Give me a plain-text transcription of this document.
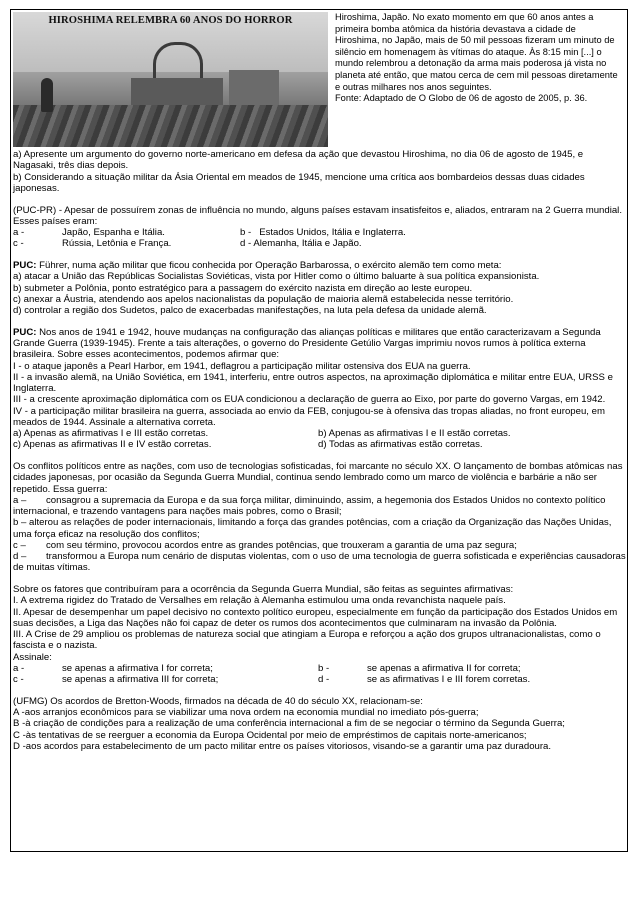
HIROSHIMA RELEMBRA 60 ANOS DO HORROR	Hiroshima, Japão. No exato momento em que 60 anos antes a primeira bomba atômica da história devastava a cidade de Hiroshima, no Japão, mais de 50 mil pessoas fizeram um minuto de silêncio em homenagem às vítimas do ataque. Às 8:15 min [...] o mundo relembrou a detonação da arma mais poderosa já vista no planeta até então, que matou cerca de cem mil pessoas diretamente e outras milhares nos anos seguintes.
Fonte: Adaptado de O Globo de 06 de agosto de 2005, p. 36.

a) Apresente um argumento do governo norte-americano em defesa da ação que devastou Hiroshima, no dia 06 de agosto de 1945, e Nagasaki, três dias depois.

b) Considerando a situação militar da Ásia Oriental em meados de 1945, mencione uma crítica aos bombardeios dessas duas cidades japonesas.

(PUC-PR) - Apesar de possuírem zonas de influência no mundo, alguns países estavam insatisfeitos e, aliados, entraram na 2 Guerra mundial. Esses países eram:

a -	Japão, Espanha e Itália.	b -   Estados Unidos, Itália e Inglaterra.
c -	Rússia, Letônia e França.	d - Alemanha, Itália e Japão.

PUC: Führer, numa ação militar que ficou conhecida por Operação Barbarossa, o exército alemão tem como meta:

a) atacar a União das Repúblicas Socialistas Soviéticas, vista por Hitler como o último baluarte à sua política expansionista.

b) submeter a Polônia, ponto estratégico para a passagem do exército nazista em direção ao leste europeu.

c) anexar a Áustria, atendendo aos apelos nacionalistas da população de maioria alemã estabelecida nesse território.

d) controlar a região dos Sudetos, palco de exacerbadas manifestações, na luta pela defesa da unidade alemã.

PUC: Nos anos de 1941 e 1942, houve mudanças na configuração das alianças políticas e militares que então caracterizavam a Segunda Grande Guerra (1939-1945). Frente a tais alterações, o governo do Presidente Getúlio Vargas imprimiu novos rumos à política externa brasileira. Sobre esses acontecimentos, podemos afirmar que:

I - o ataque japonês a Pearl Harbor, em 1941, deflagrou a participação militar ostensiva dos EUA na guerra.

II - a invasão alemã, na União Soviética, em 1941, interferiu, entre outros aspectos, na aproximação diplomática e militar entre EUA, URSS e Inglaterra.

III - a crescente aproximação diplomática com os EUA condicionou a declaração de guerra ao Eixo, por parte do governo Vargas, em 1942.

IV - a participação militar brasileira na guerra, associada ao envio da FEB, conjugou-se à ofensiva das tropas aliadas, no front europeu, em meados de 1944. Assinale a alternativa correta.

a) Apenas as afirmativas I e III estão corretas.	b) Apenas as afirmativas I e II estão corretas.
c) Apenas as afirmativas II e IV estão corretas.	d) Todas as afirmativas estão corretas.

Os conflitos políticos entre as nações, com uso de tecnologias sofisticadas, foi marcante no século XX. O lançamento de bombas atômicas nas cidades japonesas, por ocasião da Segunda Guerra Mundial, continua sendo lembrado como um marco de violência e barbárie a não ser repetido. Essa guerra:

a – consagrou a supremacia da Europa e da sua força militar, diminuindo, assim, a hegemonia dos Estados Unidos no contexto político internacional, e trazendo vantagens para nações mais pobres, como o Brasil;

b – alterou as relações de poder internacionais, limitando a força das grandes potências, com a criação da Organização das Nações Unidas, uma força eficaz na resolução dos conflitos;

c – com seu término, provocou acordos entre as grandes potências, que trouxeram a garantia de uma paz segura;

d – transformou a Europa num cenário de disputas violentas, com o uso de uma tecnologia de guerra sofisticada e experiências causadoras de muitas vítimas.

Sobre os fatores que contribuíram para a ocorrência da Segunda Guerra Mundial, são feitas as seguintes afirmativas:

I. A extrema rigidez do Tratado de Versalhes em relação à Alemanha estimulou uma onda revanchista naquele país.

II. Apesar de desempenhar um papel decisivo no contexto político europeu, especialmente em função da participação dos Estados Unidos em suas decisões, a Liga das Nações não foi capaz de deter os rumos dos acontecimentos que culminaram na invasão da Polônia.

III. A Crise de 29 ampliou os problemas de natureza social que atingiam a Europa e reforçou a ação dos grupos ultranacionalistas, como o fascista e o nazista.

Assinale:

a -	se apenas a afirmativa I for correta;	b -	se apenas a afirmativa II for correta;
c -	se apenas a afirmativa III for correta;	d -	se as afirmativas I e III forem corretas.

(UFMG) Os acordos de Bretton-Woods, firmados na década de 40 do século XX, relacionam-se:

A -aos arranjos econômicos para se viabilizar uma nova ordem na economia mundial no imediato pós-guerra;

B -à criação de condições para a realização de uma conferência internacional a fim de se negociar o término da Segunda Guerra;

C -às tentativas de se reerguer a economia da Europa Ocidental por meio de empréstimos de capitais norte-americanos;

D -aos acordos para estabelecimento de um pacto militar entre os países vitoriosos, visando-se a garantir uma paz duradoura.
